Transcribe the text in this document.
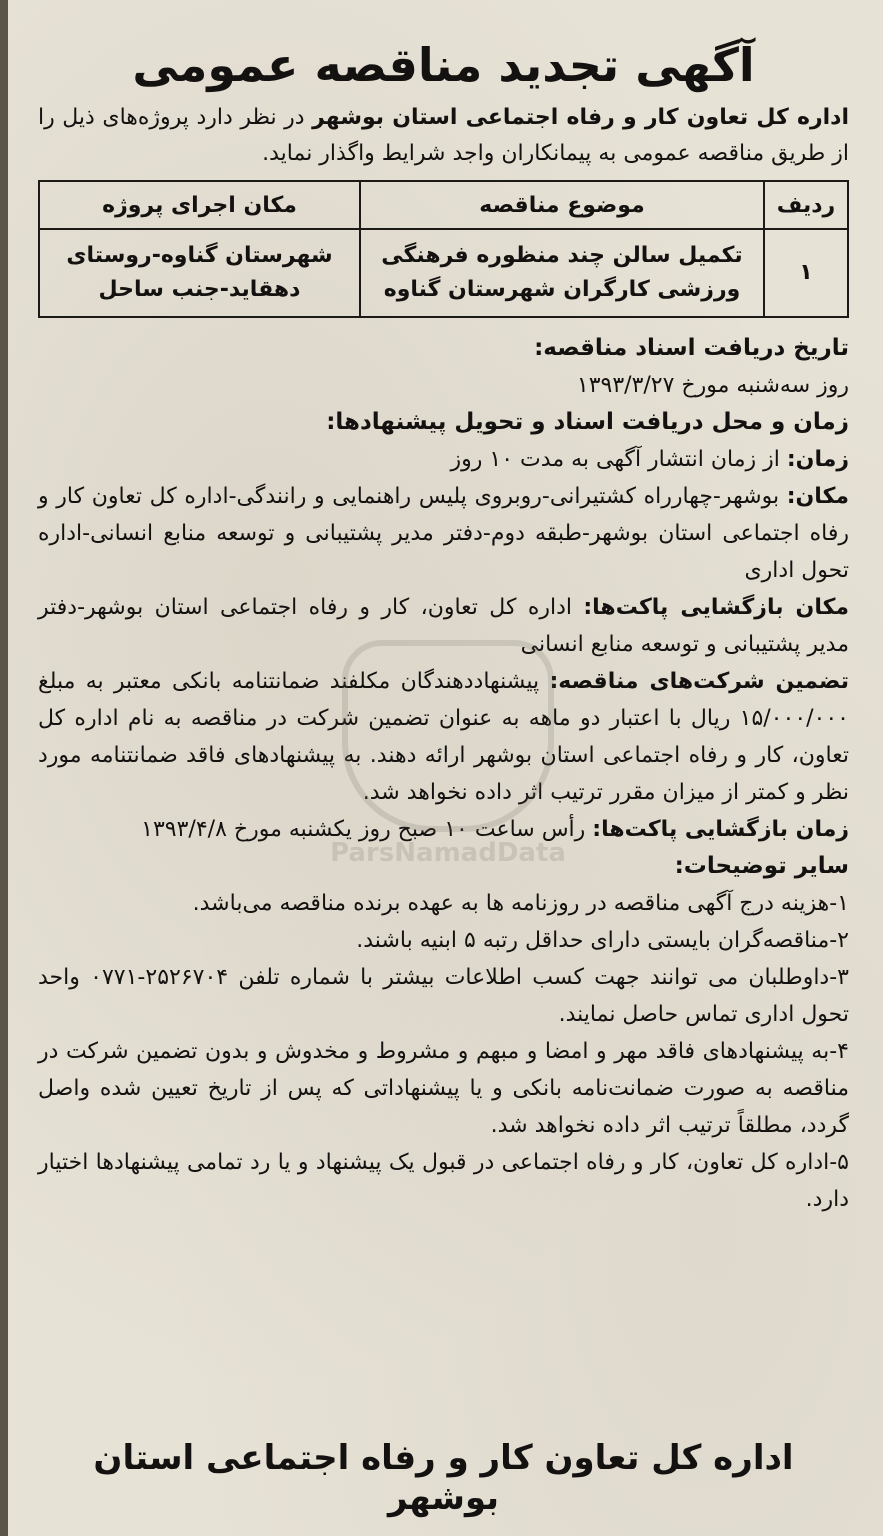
ParsNamadData
آگهی تجدید مناقصه عمومی
اداره کل تعاون کار و رفاه اجتماعی استان بوشهر در نظر دارد پروژه‌های ذیل را از طریق مناقصه عمومی به پیمانکاران واجد شرایط واگذار نماید.
ردیف	موضوع مناقصه	مکان اجرای پروژه
۱	تکمیل سالن چند منظوره فرهنگی ورزشی کارگران شهرستان گناوه	شهرستان گناوه-روستای دهقاید-جنب ساحل
تاریخ دریافت اسناد مناقصه:
روز سه‌شنبه مورخ ۱۳۹۳/۳/۲۷
زمان و محل دریافت اسناد و تحویل پیشنهادها:
زمان: از زمان انتشار آگهی به مدت ۱۰ روز
مکان: بوشهر-چهارراه کشتیرانی-روبروی پلیس راهنمایی و رانندگی-اداره کل تعاون کار و رفاه اجتماعی استان بوشهر-طبقه دوم-دفتر مدیر پشتیبانی و توسعه منابع انسانی-اداره تحول اداری
مکان بازگشایی پاکت‌ها: اداره کل تعاون، کار و رفاه اجتماعی استان بوشهر-دفتر مدیر پشتیبانی و توسعه منابع انسانی
تضمین شرکت‌های مناقصه: پیشنهاددهندگان مکلفند ضمانتنامه بانکی معتبر به مبلغ ۱۵/۰۰۰/۰۰۰ ریال با اعتبار دو ماهه به عنوان تضمین شرکت در مناقصه به نام اداره کل تعاون، کار و رفاه اجتماعی استان بوشهر ارائه دهند. به پیشنهادهای فاقد ضمانتنامه مورد نظر و کمتر از میزان مقرر ترتیب اثر داده نخواهد شد.
زمان بازگشایی پاکت‌ها: رأس ساعت ۱۰ صبح روز یکشنبه مورخ ۱۳۹۳/۴/۸
سایر توضیحات:
۱-هزینه درج آگهی مناقصه در روزنامه ها به عهده برنده مناقصه می‌باشد.
۲-مناقصه‌گران بایستی دارای حداقل رتبه ۵ ابنیه باشند.
۳-داوطلبان می توانند جهت کسب اطلاعات بیشتر با شماره تلفن ۲۵۲۶۷۰۴-۰۷۷۱ واحد تحول اداری تماس حاصل نمایند.
۴-به پیشنهادهای فاقد مهر و امضا و مبهم و مشروط و مخدوش و بدون تضمین شرکت در مناقصه به صورت ضمانت‌نامه بانکی و یا پیشنهاداتی که پس از تاریخ تعیین شده واصل گردد، مطلقاً ترتیب اثر داده نخواهد شد.
۵-اداره کل تعاون، کار و رفاه اجتماعی در قبول یک پیشنهاد و یا رد تمامی پیشنهادها اختیار دارد.
اداره کل تعاون کار و رفاه اجتماعی استان بوشهر
